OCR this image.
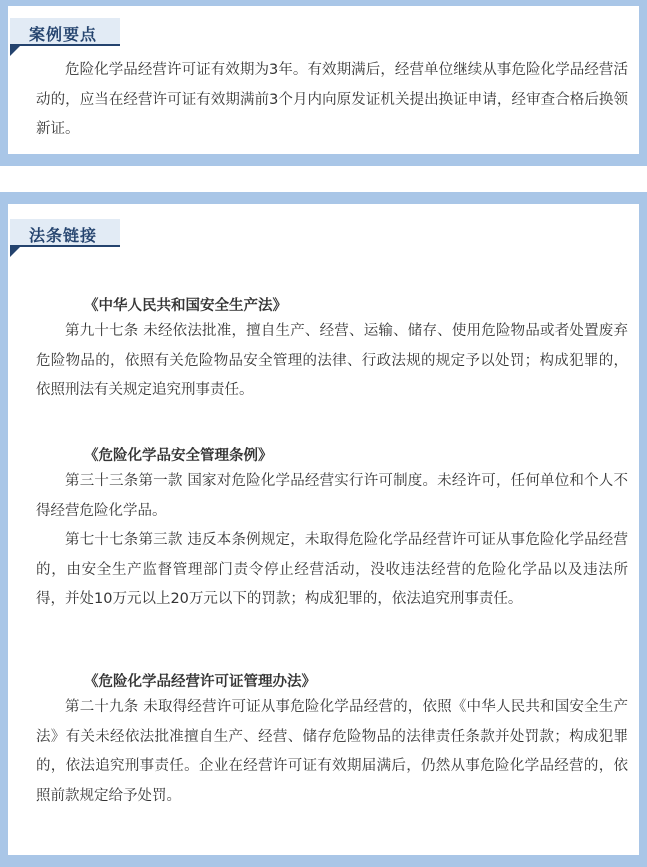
案例要点

危险化学品经营许可证有效期为3年。有效期满后，经营单位继续从事危险化学品经营活动的，应当在经营许可证有效期满前3个月内向原发证机关提出换证申请，经审查合格后换领新证。

法条链接

《中华人民共和国安全生产法》

第九十七条 未经依法批准，擅自生产、经营、运输、储存、使用危险物品或者处置废弃危险物品的，依照有关危险物品安全管理的法律、行政法规的规定予以处罚；构成犯罪的，依照刑法有关规定追究刑事责任。

《危险化学品安全管理条例》

第三十三条第一款 国家对危险化学品经营实行许可制度。未经许可，任何单位和个人不得经营危险化学品。

第七十七条第三款 违反本条例规定，未取得危险化学品经营许可证从事危险化学品经营的，由安全生产监督管理部门责令停止经营活动，没收违法经营的危险化学品以及违法所得，并处10万元以上20万元以下的罚款；构成犯罪的，依法追究刑事责任。

《危险化学品经营许可证管理办法》

第二十九条 未取得经营许可证从事危险化学品经营的，依照《中华人民共和国安全生产法》有关未经依法批准擅自生产、经营、储存危险物品的法律责任条款并处罚款；构成犯罪的，依法追究刑事责任。企业在经营许可证有效期届满后，仍然从事危险化学品经营的，依照前款规定给予处罚。
